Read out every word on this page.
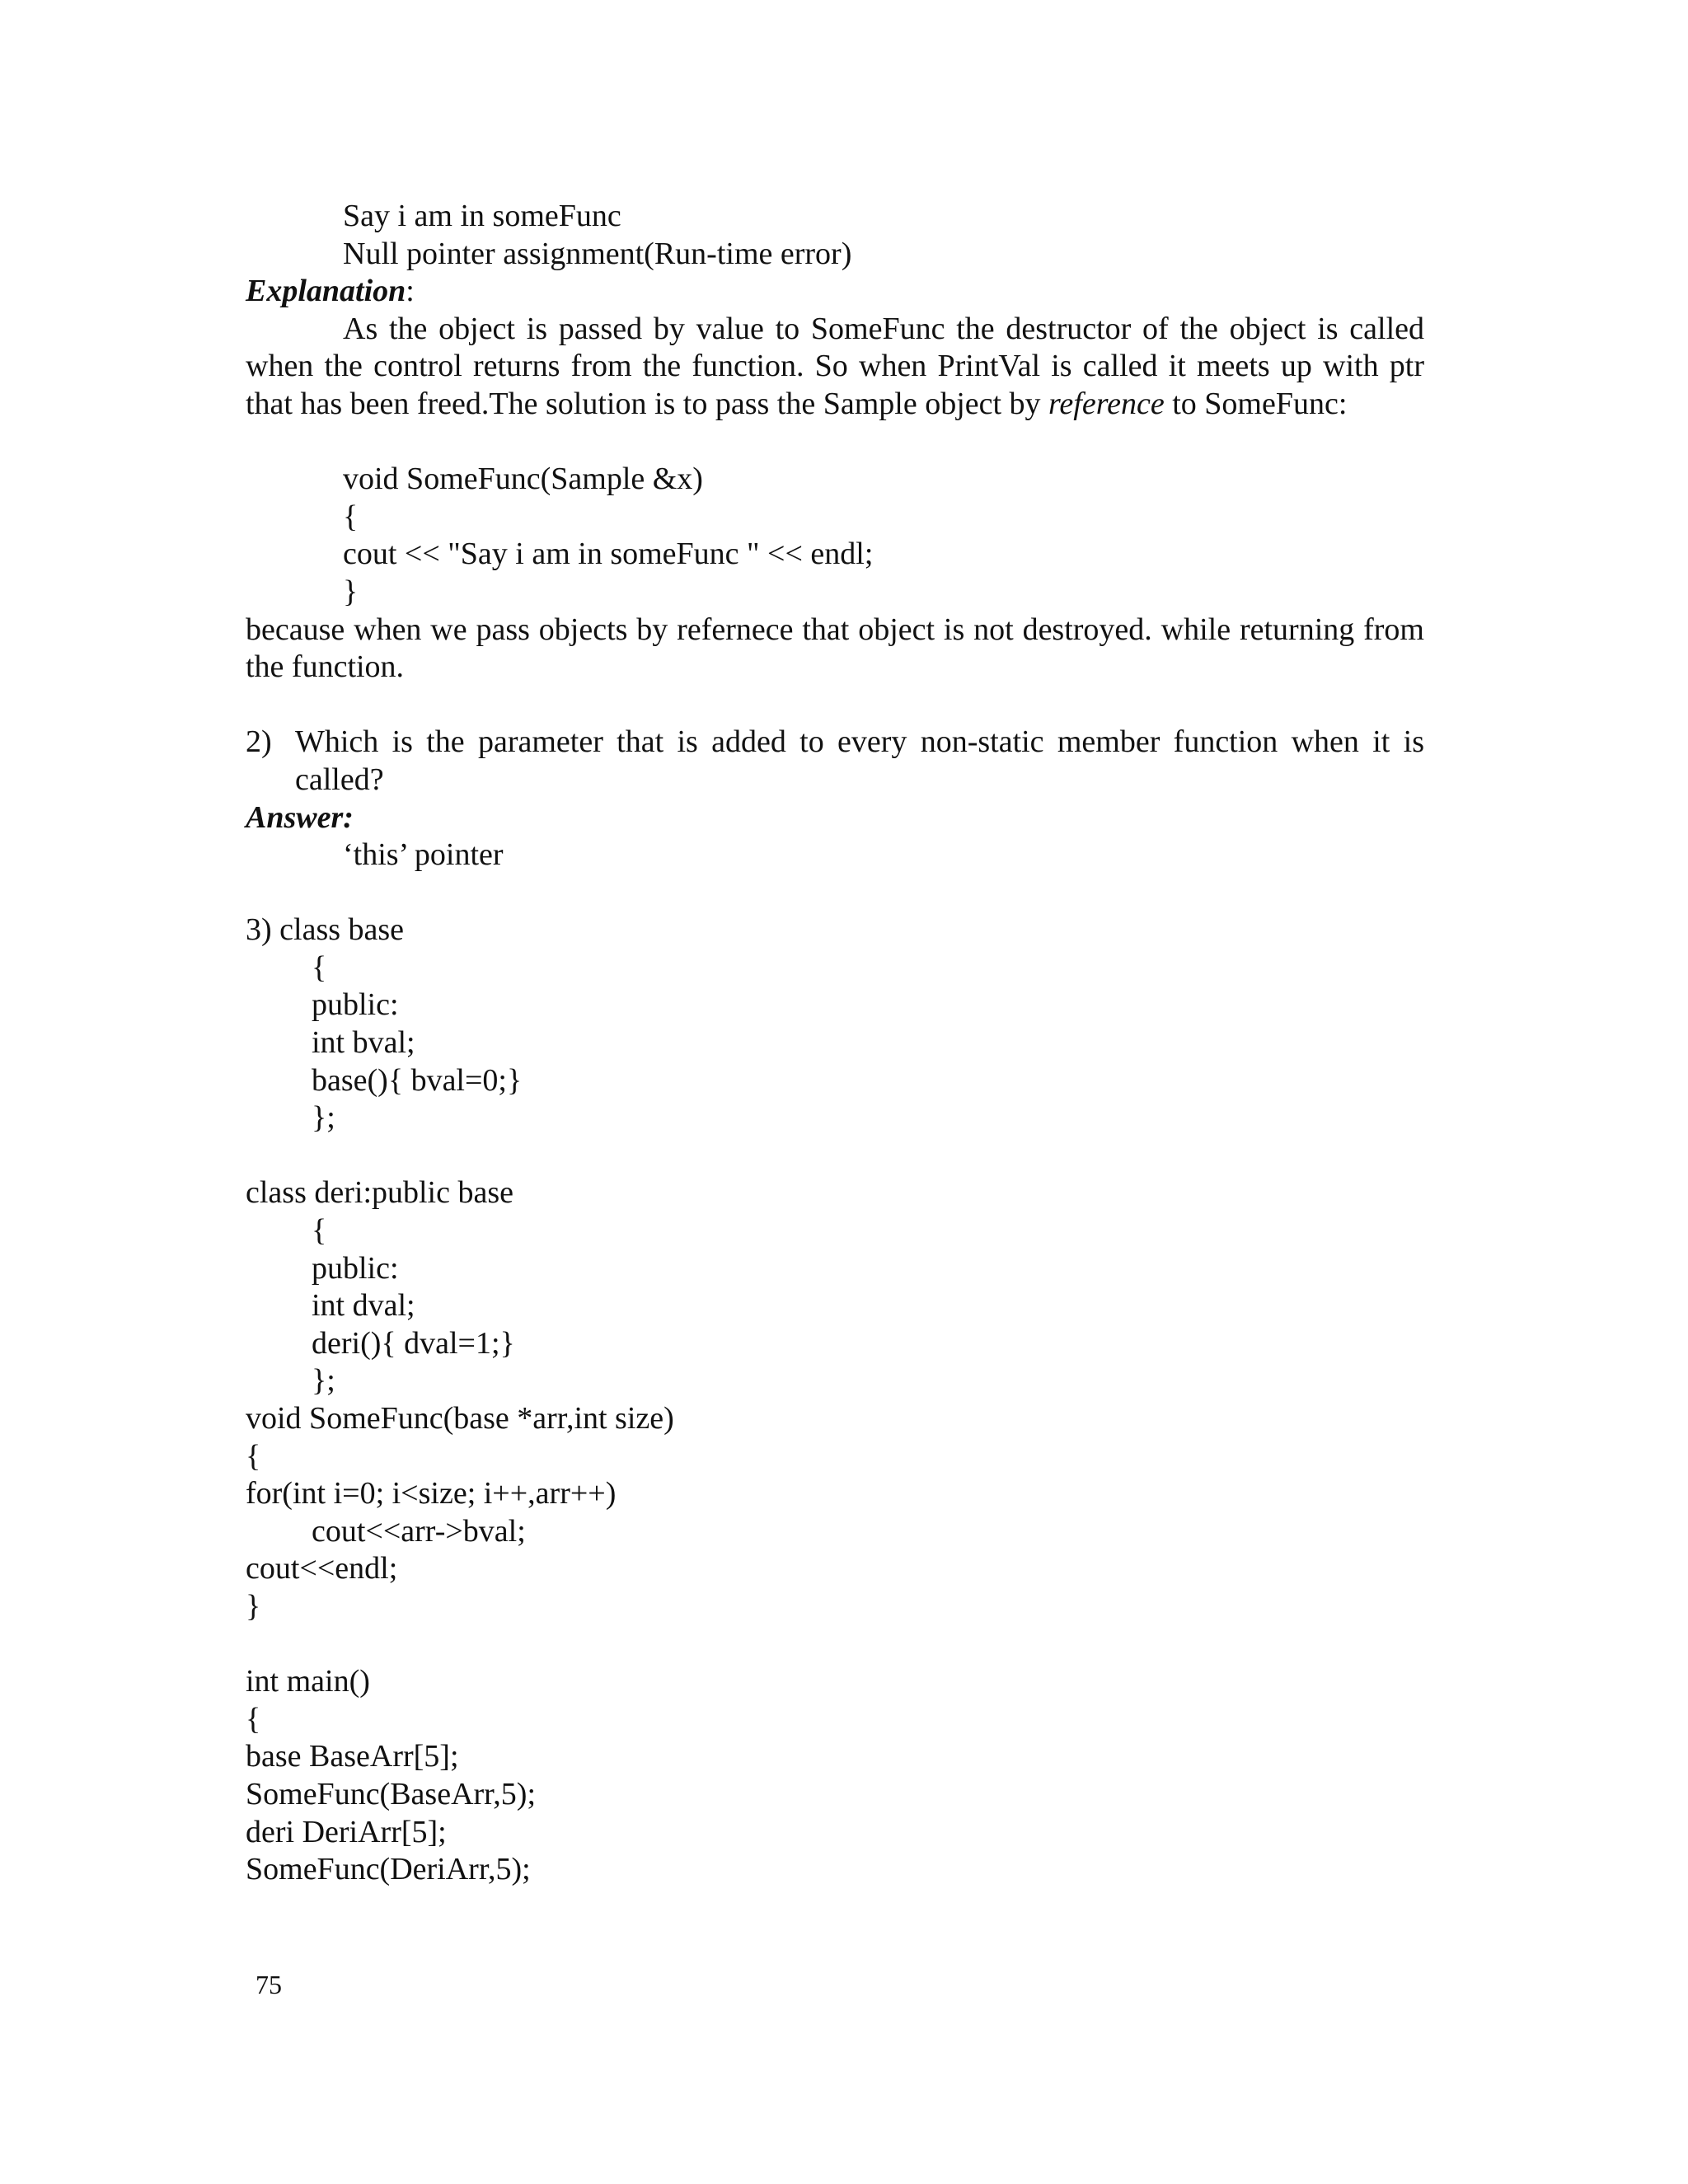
Say i am in someFunc
Null pointer assignment(Run-time error)
Explanation:
As the object is passed by value to SomeFunc the destructor of the object is called when the control returns from the function. So when PrintVal is called it meets up with ptr that has been freed.The solution is to pass the Sample object by reference to SomeFunc:
void SomeFunc(Sample &x)
{
cout << "Say i am in someFunc " << endl;
}
because when we pass objects by refernece that object is not destroyed. while returning from the function.
2) Which is the parameter that is added to every non-static member function when it is called?
Answer:
‘this’ pointer
3) class base
{
public:
int bval;
base(){ bval=0;}
};
class deri:public base
{
public:
int dval;
deri(){ dval=1;}
};
void SomeFunc(base *arr,int size)
{
for(int i=0; i<size; i++,arr++)
cout<<arr->bval;
cout<<endl;
}
int main()
{
base BaseArr[5];
SomeFunc(BaseArr,5);
deri DeriArr[5];
SomeFunc(DeriArr,5);
75
